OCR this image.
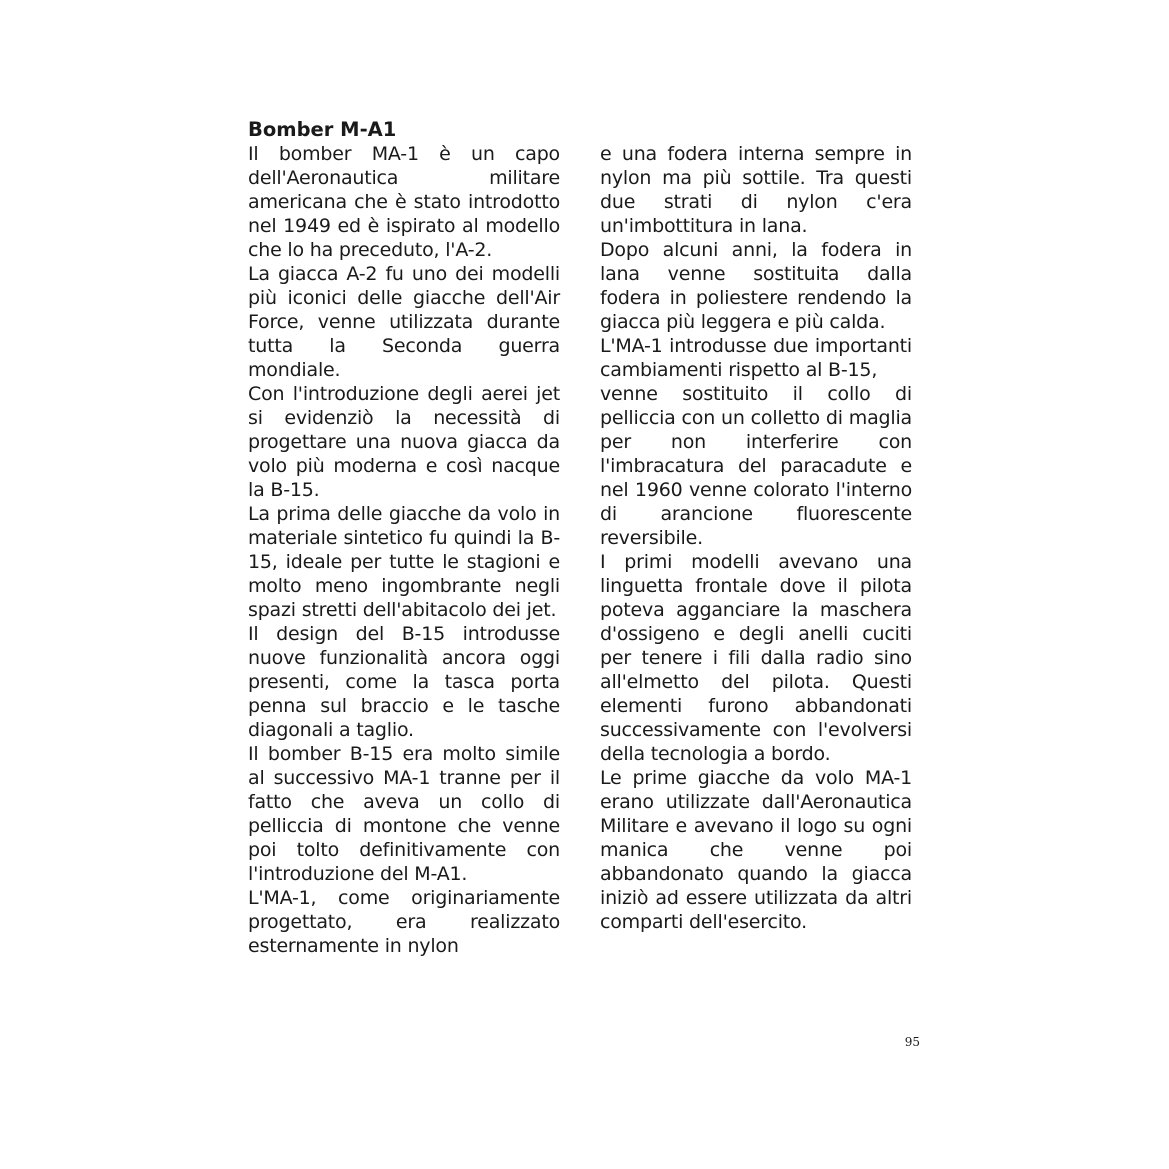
Bomber M-A1

Il bomber MA-1 è un capo dell'Aeronautica militare americana che è stato introdotto nel 1949 ed è ispirato al modello che lo ha preceduto, l'A-2.

La giacca A-2 fu uno dei modelli più iconici delle giacche dell'Air Force, venne utilizzata durante tutta la Seconda guerra mondiale.

Con l'introduzione degli aerei jet si evidenziò la necessità di progettare una nuova giacca da volo più moderna e così nacque la B-15.

La prima delle giacche da volo in materiale sintetico fu quindi la B-15, ideale per tutte le stagioni e molto meno ingombrante negli spazi stretti dell'abitacolo dei jet.

Il design del B-15 introdusse nuove funzionalità ancora oggi presenti, come la tasca porta penna sul braccio e le tasche diagonali a taglio.

Il bomber B-15 era molto simile al successivo MA-1 tranne per il fatto che aveva un collo di pelliccia di montone che venne poi tolto definitivamente con l'introduzione del M-A1.

L'MA-1, come originariamente progettato, era realizzato esternamente in nylon

e una fodera interna sempre in nylon ma più sottile. Tra questi due strati di nylon c'era un'imbottitura in lana.

Dopo alcuni anni, la fodera in lana venne sostituita dalla fodera in poliestere rendendo la giacca più leggera e più calda.

L'MA-1 introdusse due importanti cambiamenti rispetto al B-15,

venne sostituito il collo di pelliccia con un colletto di maglia per non interferire con l'imbracatura del paracadute e nel 1960 venne colorato l'interno di arancione fluorescente reversibile.

I primi modelli avevano una linguetta frontale dove il pilota poteva agganciare la maschera d'ossigeno e degli anelli cuciti per tenere i fili dalla radio sino all'elmetto del pilota. Questi elementi furono abbandonati successivamente con l'evolversi della tecnologia a bordo.

Le prime giacche da volo MA-1 erano utilizzate dall'Aeronautica Militare e avevano il logo su ogni manica che venne poi abbandonato quando la giacca iniziò ad essere utilizzata da altri comparti dell'esercito.

95
